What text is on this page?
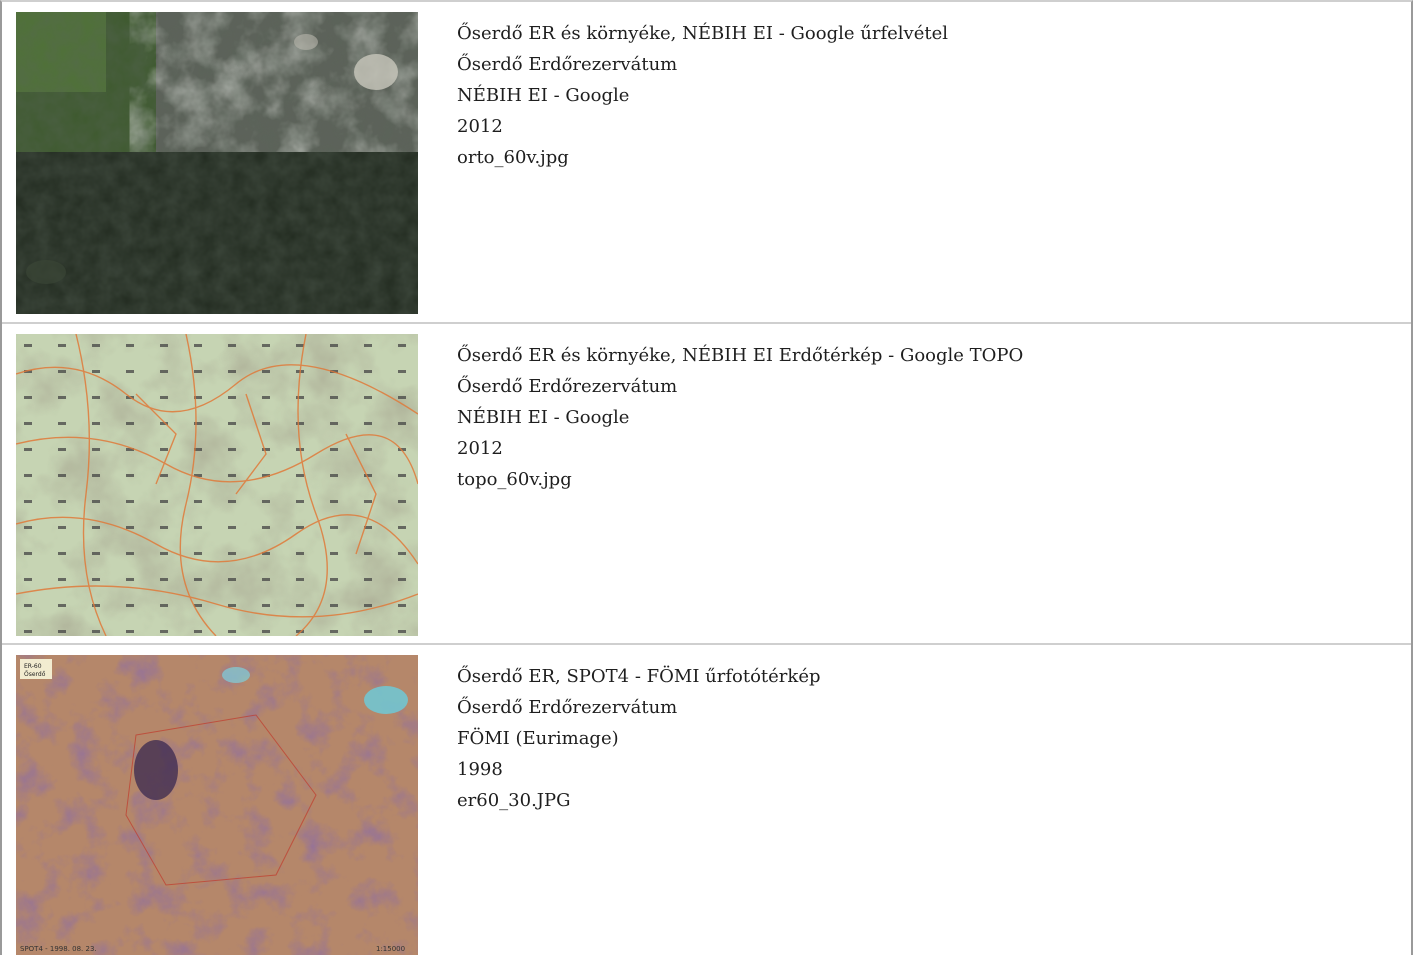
Őserdő ER és környéke, NÉBIH EI - Google űrfelvétel
Őserdő Erdőrezervátum
NÉBIH EI - Google
2012
orto_60v.jpg
Őserdő ER és környéke, NÉBIH EI Erdőtérkép - Google TOPO
Őserdő Erdőrezervátum
NÉBIH EI - Google
2012
topo_60v.jpg
ER-60
Őserdő
SPOT4 - 1998. 08. 23.	1:15000
Őserdő ER, SPOT4 - FÖMI űrfotótérkép
Őserdő Erdőrezervátum
FÖMI (Eurimage)
1998
er60_30.JPG
